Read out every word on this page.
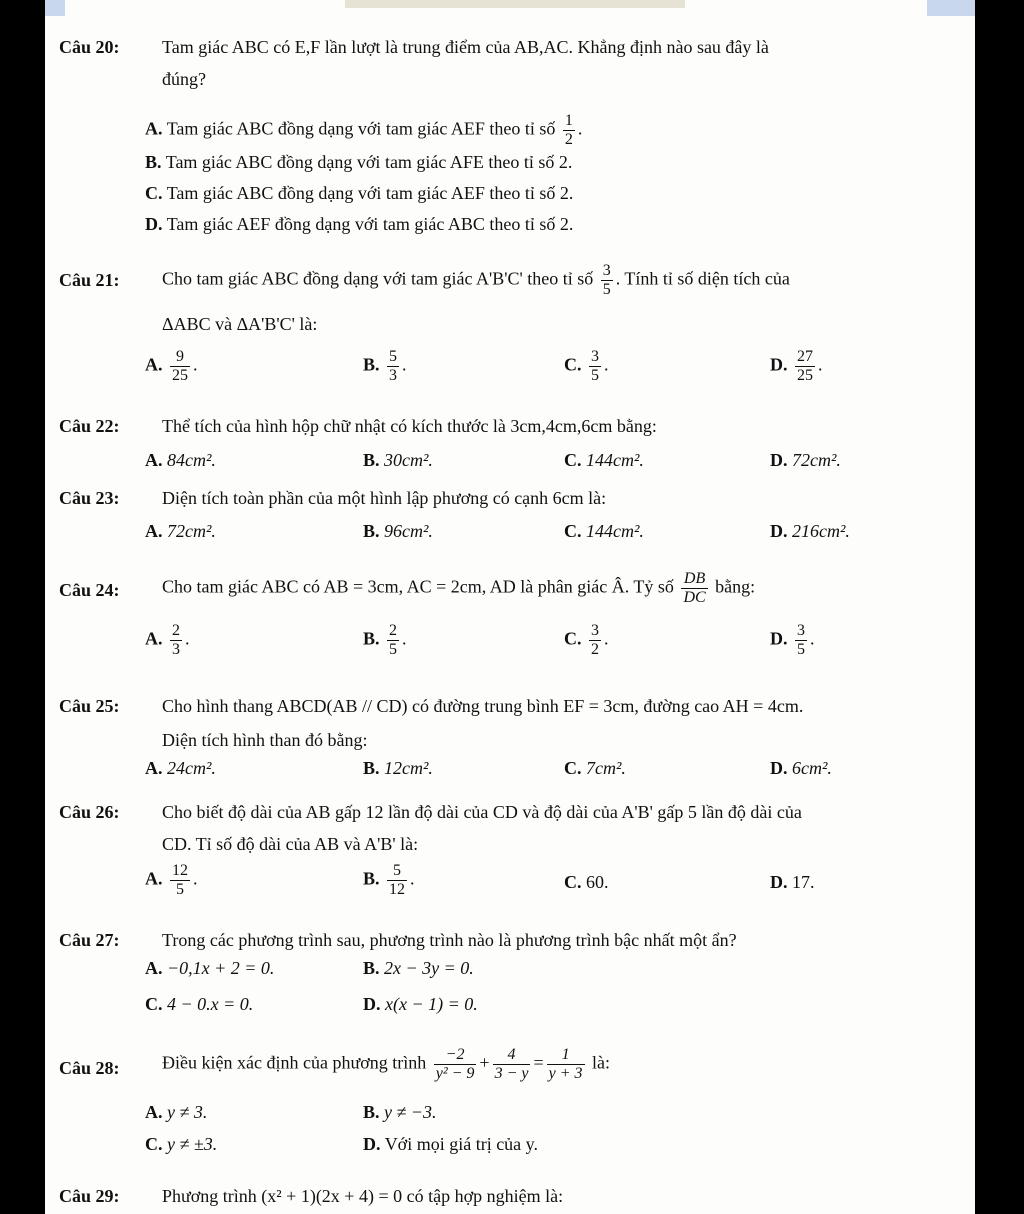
Câu 20: Tam giác ABC có E,F lần lượt là trung điểm của AB,AC. Khẳng định nào sau đây là
đúng?
A. Tam giác ABC đồng dạng với tam giác AEF theo tỉ số $\frac{1}{2}$ .
B. Tam giác ABC đồng dạng với tam giác AFE theo tỉ số 2.
C. Tam giác ABC đồng dạng với tam giác AEF theo tỉ số 2.
D. Tam giác AEF đồng dạng với tam giác ABC theo tỉ số 2.
Câu 21: Cho tam giác ABC đồng dạng với tam giác A'B'C' theo tỉ số $\frac{3}{5}$ . Tính tỉ số diện tích của
ΔABC và ΔA'B'C' là:
A. $\frac{9}{25}$ .	B. $\frac{5}{3}$ .	C. $\frac{3}{5}$ .	D. $\frac{27}{25}$ .
Câu 22: Thể tích của hình hộp chữ nhật có kích thước là 3cm,4cm,6cm bằng:
A. 84cm².	B. 30cm².	C. 144cm².	D. 72cm².
Câu 23: Diện tích toàn phần của một hình lập phương có cạnh 6cm là:
A. 72cm².	B. 96cm².	C. 144cm².	D. 216cm².
Câu 24: Cho tam giác ABC có AB = 3cm, AC = 2cm, AD là phân giác Â. Tỷ số $\frac{DB}{DC}$ bằng:
A. $\frac{2}{3}$ .	B. $\frac{2}{5}$ .	C. $\frac{3}{2}$ .	D. $\frac{3}{5}$ .
Câu 25: Cho hình thang ABCD(AB // CD) có đường trung bình EF = 3cm, đường cao AH = 4cm.
Diện tích hình than đó bằng:
A. 24cm².	B. 12cm².	C. 7cm².	D. 6cm².
Câu 26: Cho biết độ dài của AB gấp 12 lần độ dài của CD và độ dài của A'B' gấp 5 lần độ dài của
CD. Tỉ số độ dài của AB và A'B' là:
A. $\frac{12}{5}$ .	B. $\frac{5}{12}$ .	C. 60.	D. 17.
Câu 27: Trong các phương trình sau, phương trình nào là phương trình bậc nhất một ẩn?
A. −0,1x + 2 = 0.	B. 2x − 3y = 0.
C. 4 − 0.x = 0.	D. x(x − 1) = 0.
Câu 28: Điều kiện xác định của phương trình $\frac{-2}{\text{y² − 9}} + \frac{4}{3 - y} = \frac{1}{y + 3}$ là:
A. y ≠ 3.	B. y ≠ −3.
C. y ≠ ±3.	D. Với mọi giá trị của y.
Câu 29: Phương trình (x² + 1)(2x + 4) = 0 có tập hợp nghiệm là:
